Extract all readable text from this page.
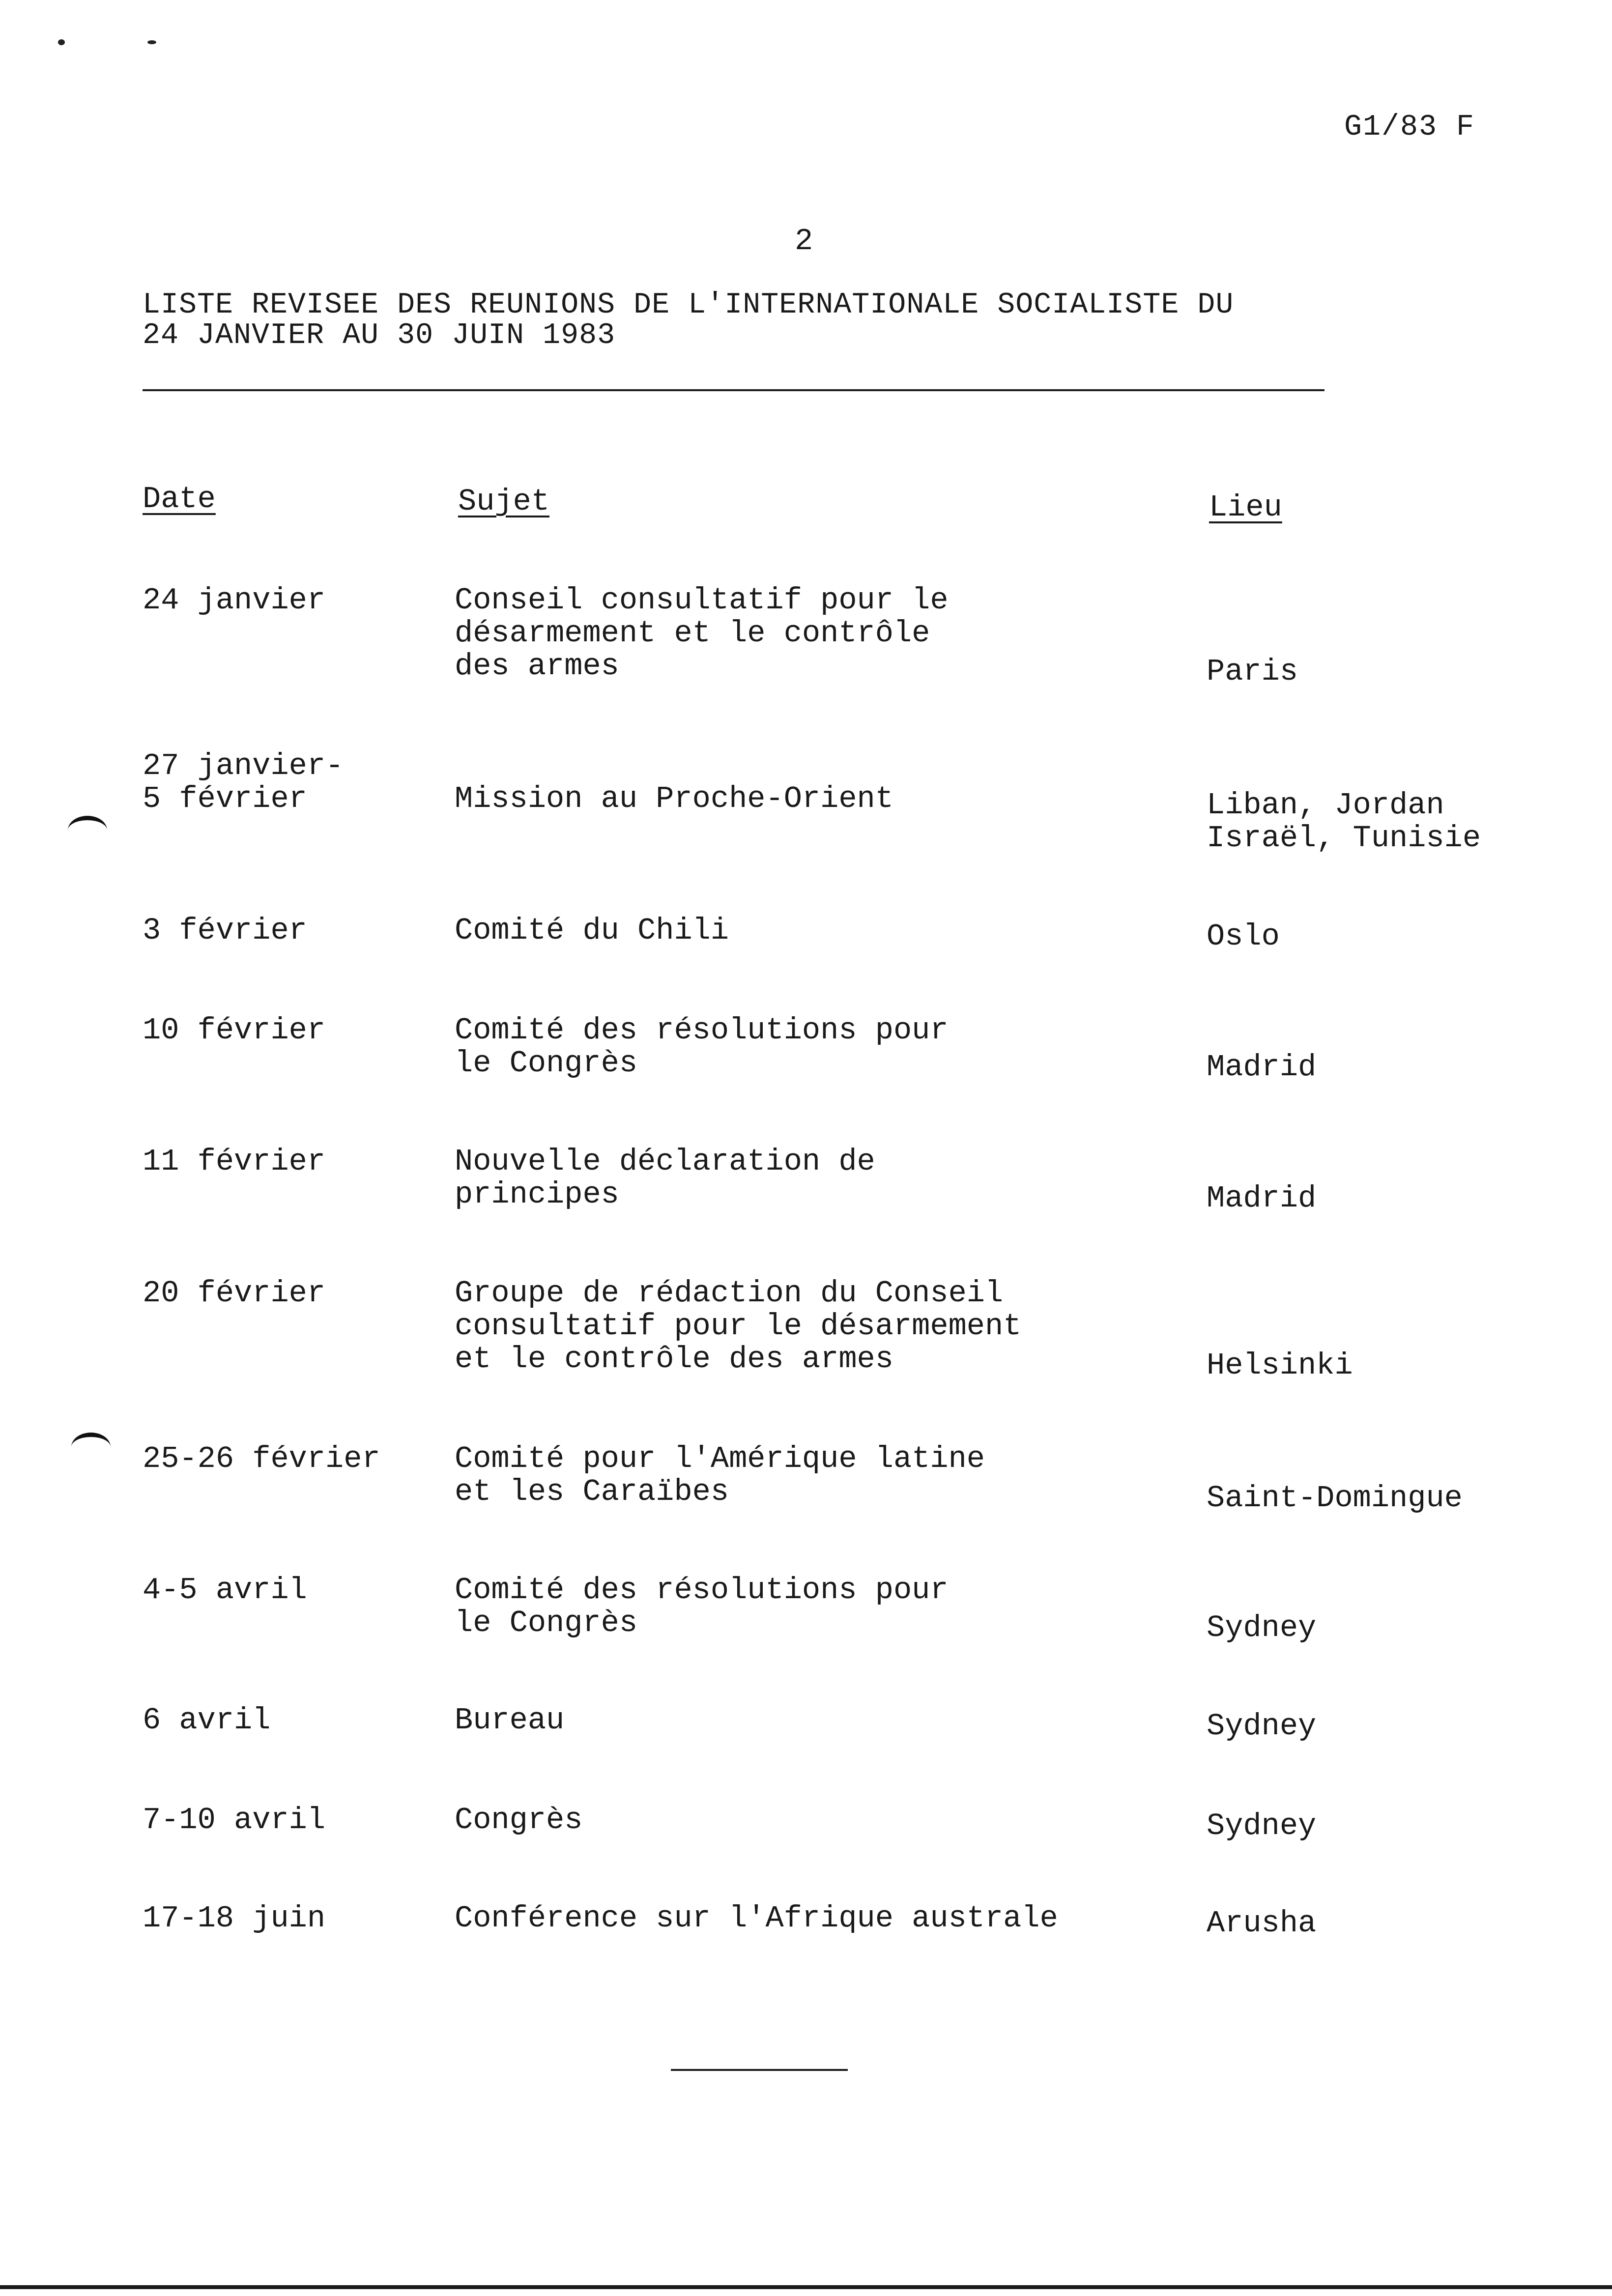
G1/83 F
2
LISTE REVISEE DES REUNIONS DE L'INTERNATIONALE SOCIALISTE DU
24 JANVIER AU 30 JUIN 1983
Date	Sujet	Lieu
24 janvier	Conseil consultatif pour le
désarmement et le contrôle
des armes	Paris
27 janvier-
5 février	Mission au Proche-Orient	Liban, Jordan
Israël, Tunisie
3 février	Comité du Chili	Oslo
10 février	Comité des résolutions pour
le Congrès	Madrid
11 février	Nouvelle déclaration de
principes	Madrid
20 février	Groupe de rédaction du Conseil
consultatif pour le désarmement
et le contrôle des armes	Helsinki
25-26 février	Comité pour l'Amérique latine
et les Caraïbes	Saint-Domingue
4-5 avril	Comité des résolutions pour
le Congrès	Sydney
6 avril	Bureau	Sydney
7-10 avril	Congrès	Sydney
17-18 juin	Conférence sur l'Afrique australe	Arusha
